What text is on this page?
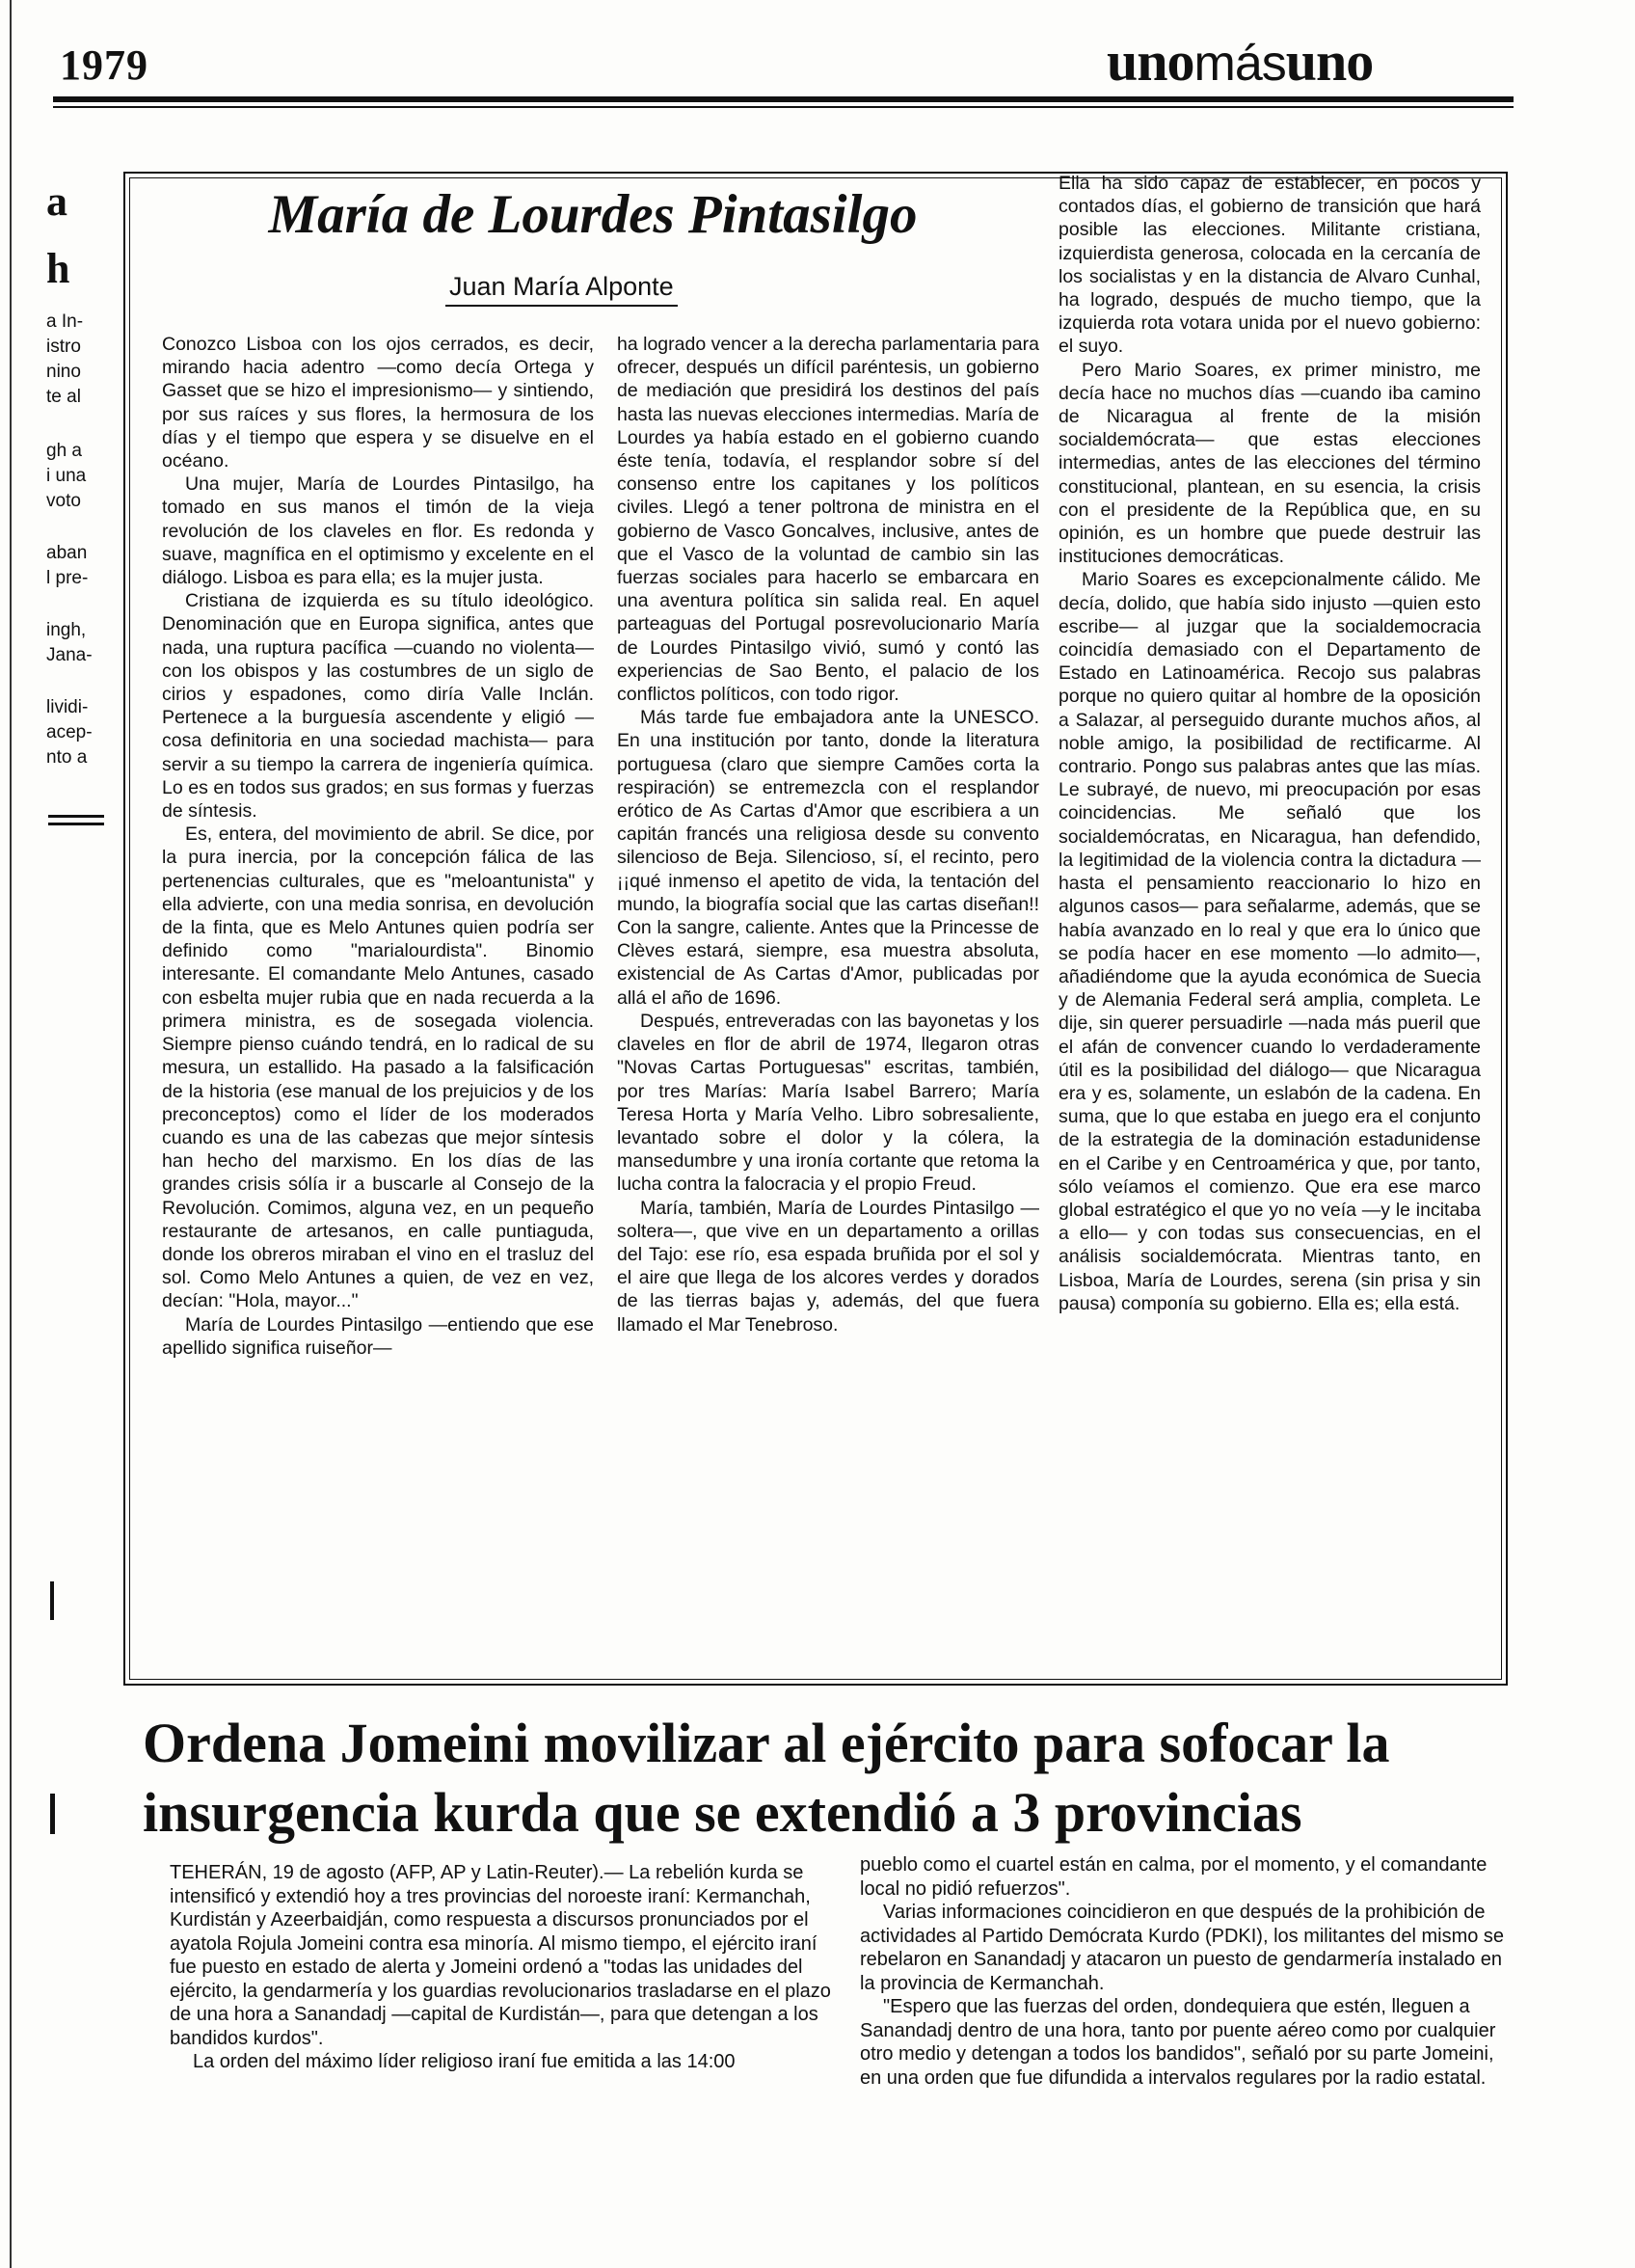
1979	unomásuno
a
h
a In-
istro
nino
te al
gh a
i una
voto
aban
l pre-
ingh,
Jana-
lividi-
acep-
nto a
María de Lourdes Pintasilgo
Juan María Alponte

Conozco Lisboa con los ojos cerrados, es decir, mirando hacia adentro —como decía Ortega y Gasset que se hizo el impresionismo— y sintiendo, por sus raíces y sus flores, la hermosura de los días y el tiempo que espera y se disuelve en el océano.

Una mujer, María de Lourdes Pintasilgo, ha tomado en sus manos el timón de la vieja revolución de los claveles en flor. Es redonda y suave, magnífica en el optimismo y excelente en el diálogo. Lisboa es para ella; es la mujer justa.

Cristiana de izquierda es su título ideológico. Denominación que en Europa significa, antes que nada, una ruptura pacífica —cuando no violenta— con los obispos y las costumbres de un siglo de cirios y espadones, como diría Valle Inclán. Pertenece a la burguesía ascendente y eligió —cosa definitoria en una sociedad machista— para servir a su tiempo la carrera de ingeniería química. Lo es en todos sus grados; en sus formas y fuerzas de síntesis.

Es, entera, del movimiento de abril. Se dice, por la pura inercia, por la concepción fálica de las pertenencias culturales, que es "meloantunista" y ella advierte, con una media sonrisa, en devolución de la finta, que es Melo Antunes quien podría ser definido como "marialourdista". Binomio interesante. El comandante Melo Antunes, casado con esbelta mujer rubia que en nada recuerda a la primera ministra, es de sosegada violencia. Siempre pienso cuándo tendrá, en lo radical de su mesura, un estallido. Ha pasado a la falsificación de la historia (ese manual de los prejuicios y de los preconceptos) como el líder de los moderados cuando es una de las cabezas que mejor síntesis han hecho del marxismo. En los días de las grandes crisis sólía ir a buscarle al Consejo de la Revolución. Comimos, alguna vez, en un pequeño restaurante de artesanos, en calle puntiaguda, donde los obreros miraban el vino en el trasluz del sol. Como Melo Antunes a quien, de vez en vez, decían: "Hola, mayor..."

María de Lourdes Pintasilgo —entiendo que ese apellido significa ruiseñor—

ha logrado vencer a la derecha parlamentaria para ofrecer, después un difícil paréntesis, un gobierno de mediación que presidirá los destinos del país hasta las nuevas elecciones intermedias. María de Lourdes ya había estado en el gobierno cuando éste tenía, todavía, el resplandor sobre sí del consenso entre los capitanes y los políticos civiles. Llegó a tener poltrona de ministra en el gobierno de Vasco Goncalves, inclusive, antes de que el Vasco de la voluntad de cambio sin las fuerzas sociales para hacerlo se embarcara en una aventura política sin salida real. En aquel parteaguas del Portugal posrevolucionario María de Lourdes Pintasilgo vivió, sumó y contó las experiencias de Sao Bento, el palacio de los conflictos políticos, con todo rigor.

Más tarde fue embajadora ante la UNESCO. En una institución por tanto, donde la literatura portuguesa (claro que siempre Camões corta la respiración) se entremezcla con el resplandor erótico de As Cartas d'Amor que escribiera a un capitán francés una religiosa desde su convento silencioso de Beja. Silencioso, sí, el recinto, pero ¡¡qué inmenso el apetito de vida, la tentación del mundo, la biografía social que las cartas diseñan!! Con la sangre, caliente. Antes que la Princesse de Clèves estará, siempre, esa muestra absoluta, existencial de As Cartas d'Amor, publicadas por allá el año de 1696.

Después, entreveradas con las bayonetas y los claveles en flor de abril de 1974, llegaron otras "Novas Cartas Portuguesas" escritas, también, por tres Marías: María Isabel Barrero; María Teresa Horta y María Velho. Libro sobresaliente, levantado sobre el dolor y la cólera, la mansedumbre y una ironía cortante que retoma la lucha contra la falocracia y el propio Freud.

María, también, María de Lourdes Pintasilgo —soltera—, que vive en un departamento a orillas del Tajo: ese río, esa espada bruñida por el sol y el aire que llega de los alcores verdes y dorados de las tierras bajas y, además, del que fuera llamado el Mar Tenebroso.

Ella ha sido capaz de establecer, en pocos y contados días, el gobierno de transición que hará posible las elecciones. Militante cristiana, izquierdista generosa, colocada en la cercanía de los socialistas y en la distancia de Alvaro Cunhal, ha logrado, después de mucho tiempo, que la izquierda rota votara unida por el nuevo gobierno: el suyo.

Pero Mario Soares, ex primer ministro, me decía hace no muchos días —cuando iba camino de Nicaragua al frente de la misión socialdemócrata— que estas elecciones intermedias, antes de las elecciones del término constitucional, plantean, en su esencia, la crisis con el presidente de la República que, en su opinión, es un hombre que puede destruir las instituciones democráticas.

Mario Soares es excepcionalmente cálido. Me decía, dolido, que había sido injusto —quien esto escribe— al juzgar que la socialdemocracia coincidía demasiado con el Departamento de Estado en Latinoamérica. Recojo sus palabras porque no quiero quitar al hombre de la oposición a Salazar, al perseguido durante muchos años, al noble amigo, la posibilidad de rectificarme. Al contrario. Pongo sus palabras antes que las mías. Le subrayé, de nuevo, mi preocupación por esas coincidencias. Me señaló que los socialdemócratas, en Nicaragua, han defendido, la legitimidad de la violencia contra la dictadura —hasta el pensamiento reaccionario lo hizo en algunos casos— para señalarme, además, que se había avanzado en lo real y que era lo único que se podía hacer en ese momento —lo admito—, añadiéndome que la ayuda económica de Suecia y de Alemania Federal será amplia, completa. Le dije, sin querer persuadirle —nada más pueril que el afán de convencer cuando lo verdaderamente útil es la posibilidad del diálogo— que Nicaragua era y es, solamente, un eslabón de la cadena. En suma, que lo que estaba en juego era el conjunto de la estrategia de la dominación estadunidense en el Caribe y en Centroamérica y que, por tanto, sólo veíamos el comienzo. Que era ese marco global estratégico el que yo no veía —y le incitaba a ello— y con todas sus consecuencias, en el análisis socialdemócrata. Mientras tanto, en Lisboa, María de Lourdes, serena (sin prisa y sin pausa) componía su gobierno. Ella es; ella está.

Ordena Jomeini movilizar al ejército para sofocar la
insurgencia kurda que se extendió a 3 provincias

TEHERÁN, 19 de agosto (AFP, AP y Latin-Reuter).— La rebelión kurda se intensificó y extendió hoy a tres provincias del noroeste iraní: Kermanchah, Kurdistán y Azeerbaidján, como respuesta a discursos pronunciados por el ayatola Rojula Jomeini contra esa minoría. Al mismo tiempo, el ejército iraní fue puesto en estado de alerta y Jomeini ordenó a "todas las unidades del ejército, la gendarmería y los guardias revolucionarios trasladarse en el plazo de una hora a Sanandadj —capital de Kurdistán—, para que detengan a los bandidos kurdos".

La orden del máximo líder religioso iraní fue emitida a las 14:00

pueblo como el cuartel están en calma, por el momento, y el comandante local no pidió refuerzos".

Varias informaciones coincidieron en que después de la prohibición de actividades al Partido Demócrata Kurdo (PDKI), los militantes del mismo se rebelaron en Sanandadj y atacaron un puesto de gendarmería instalado en la provincia de Kermanchah.

"Espero que las fuerzas del orden, dondequiera que estén, lleguen a Sanandadj dentro de una hora, tanto por puente aéreo como por cualquier otro medio y detengan a todos los bandidos", señaló por su parte Jomeini, en una orden que fue difundida a intervalos regulares por la radio estatal.
